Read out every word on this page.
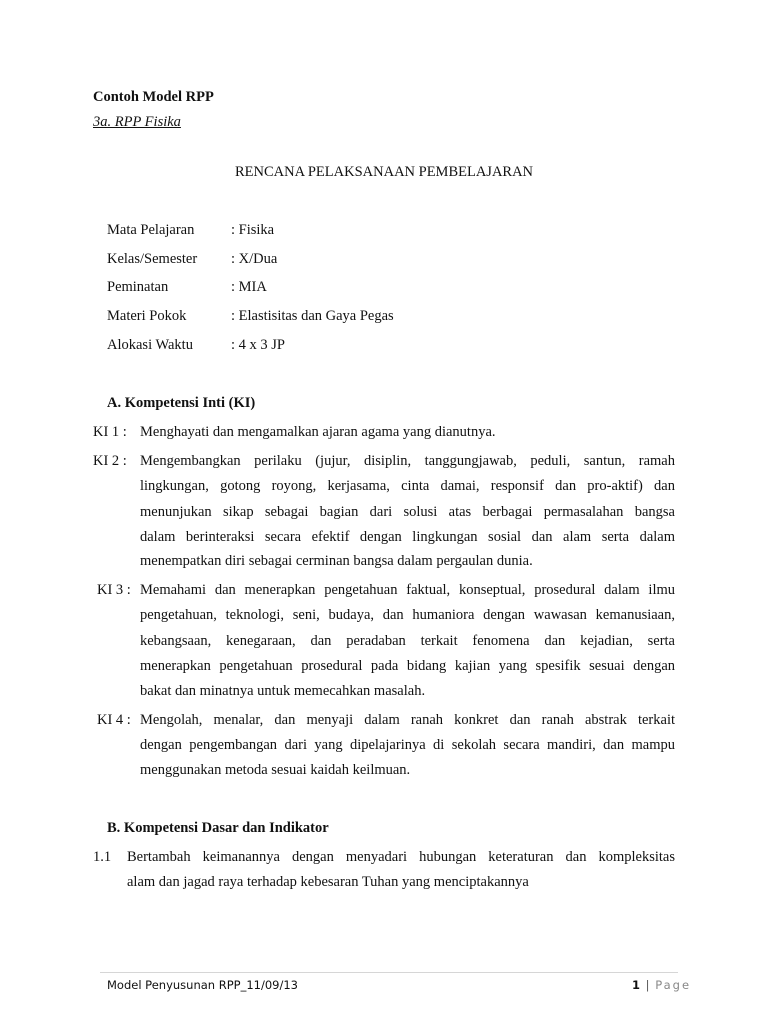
Contoh Model RPP
3a. RPP Fisika
RENCANA PELAKSANAAN PEMBELAJARAN
Mata Pelajaran	: Fisika
Kelas/Semester : X/Dua
Peminatan	: MIA
Materi Pokok	: Elastisitas dan Gaya Pegas
Alokasi Waktu	: 4 x 3 JP
A. Kompetensi Inti (KI)
KI 1 : Menghayati dan mengamalkan ajaran agama yang dianutnya.
KI 2 : Mengembangkan perilaku (jujur, disiplin, tanggungjawab, peduli, santun, ramah
lingkungan, gotong royong, kerjasama, cinta damai, responsif dan pro-aktif) dan
menunjukan sikap sebagai bagian dari solusi atas berbagai permasalahan bangsa
dalam berinteraksi secara efektif dengan lingkungan sosial dan alam serta dalam
menempatkan diri sebagai cerminan bangsa dalam pergaulan dunia.
KI 3 : Memahami dan menerapkan pengetahuan faktual, konseptual, prosedural dalam ilmu
pengetahuan, teknologi, seni, budaya, dan humaniora dengan wawasan kemanusiaan,
kebangsaan, kenegaraan, dan peradaban terkait fenomena dan kejadian, serta
menerapkan pengetahuan prosedural pada bidang kajian yang spesifik sesuai dengan
bakat dan minatnya untuk memecahkan masalah.
KI 4 : Mengolah, menalar, dan menyaji dalam ranah konkret dan ranah abstrak terkait
dengan pengembangan dari yang dipelajarinya di sekolah secara mandiri, dan mampu
menggunakan metoda sesuai kaidah keilmuan.
B. Kompetensi Dasar dan Indikator
1.1 Bertambah keimanannya dengan menyadari hubungan keteraturan dan kompleksitas
alam dan jagad raya terhadap kebesaran Tuhan yang menciptakannya
Model Penyusunan RPP_11/09/13	1 | Page
